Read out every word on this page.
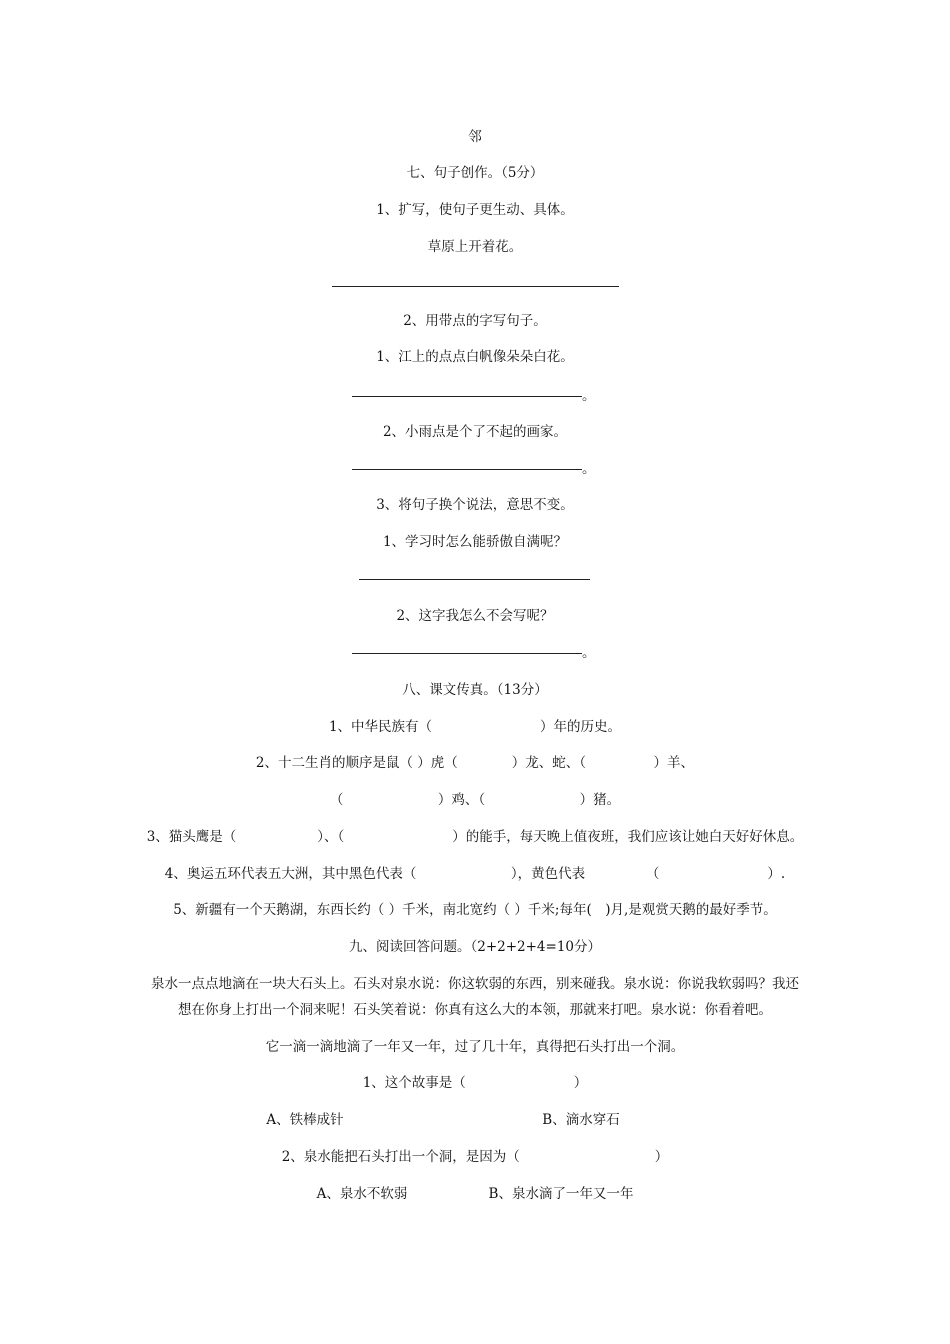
邻
七、句子创作。（5分）
1、扩写，使句子更生动、具体。
草原上开着花。
2、用带点的字写句子。
1、江上的点点白帆像朵朵白花。
。
2、小雨点是个了不起的画家。
。
3、将句子换个说法，意思不变。
1、学习时怎么能骄傲自满呢？
2、这字我怎么不会写呢？
。
八、课文传真。（13分）
1、中华民族有（　　　　　　　　）年的历史。
2、十二生肖的顺序是鼠（ ）虎（　　　　）龙、蛇、（　　　　　）羊、
（　　　　　　　）鸡、（　　　　　　　）猪。
3、猫头鹰是（　　　　　　）、（　　　　　　　　）的能手，每天晚上值夜班，我们应该让她白天好好休息。
4、奥运五环代表五大洲，其中黑色代表（　　　　　　　），黄色代表　　　　　（　　　　　　　　）.
5、新疆有一个天鹅湖，东西长约（ ）千米，南北宽约（ ）千米;每年(　)月,是观赏天鹅的最好季节。
九、阅读回答问题。（2+2+2+4=10分）
泉水一点点地滴在一块大石头上。石头对泉水说：你这软弱的东西，别来碰我。泉水说：你说我软弱吗？我还
想在你身上打出一个洞来呢！石头笑着说：你真有这么大的本领，那就来打吧。泉水说：你看着吧。
它一滴一滴地滴了一年又一年，过了几十年，真得把石头打出一个洞。
1、这个故事是（　　　　　　　　）
A、铁棒成针	B、滴水穿石
2、泉水能把石头打出一个洞，是因为（　　　　　　　　　　）
A、泉水不软弱	B、泉水滴了一年又一年
